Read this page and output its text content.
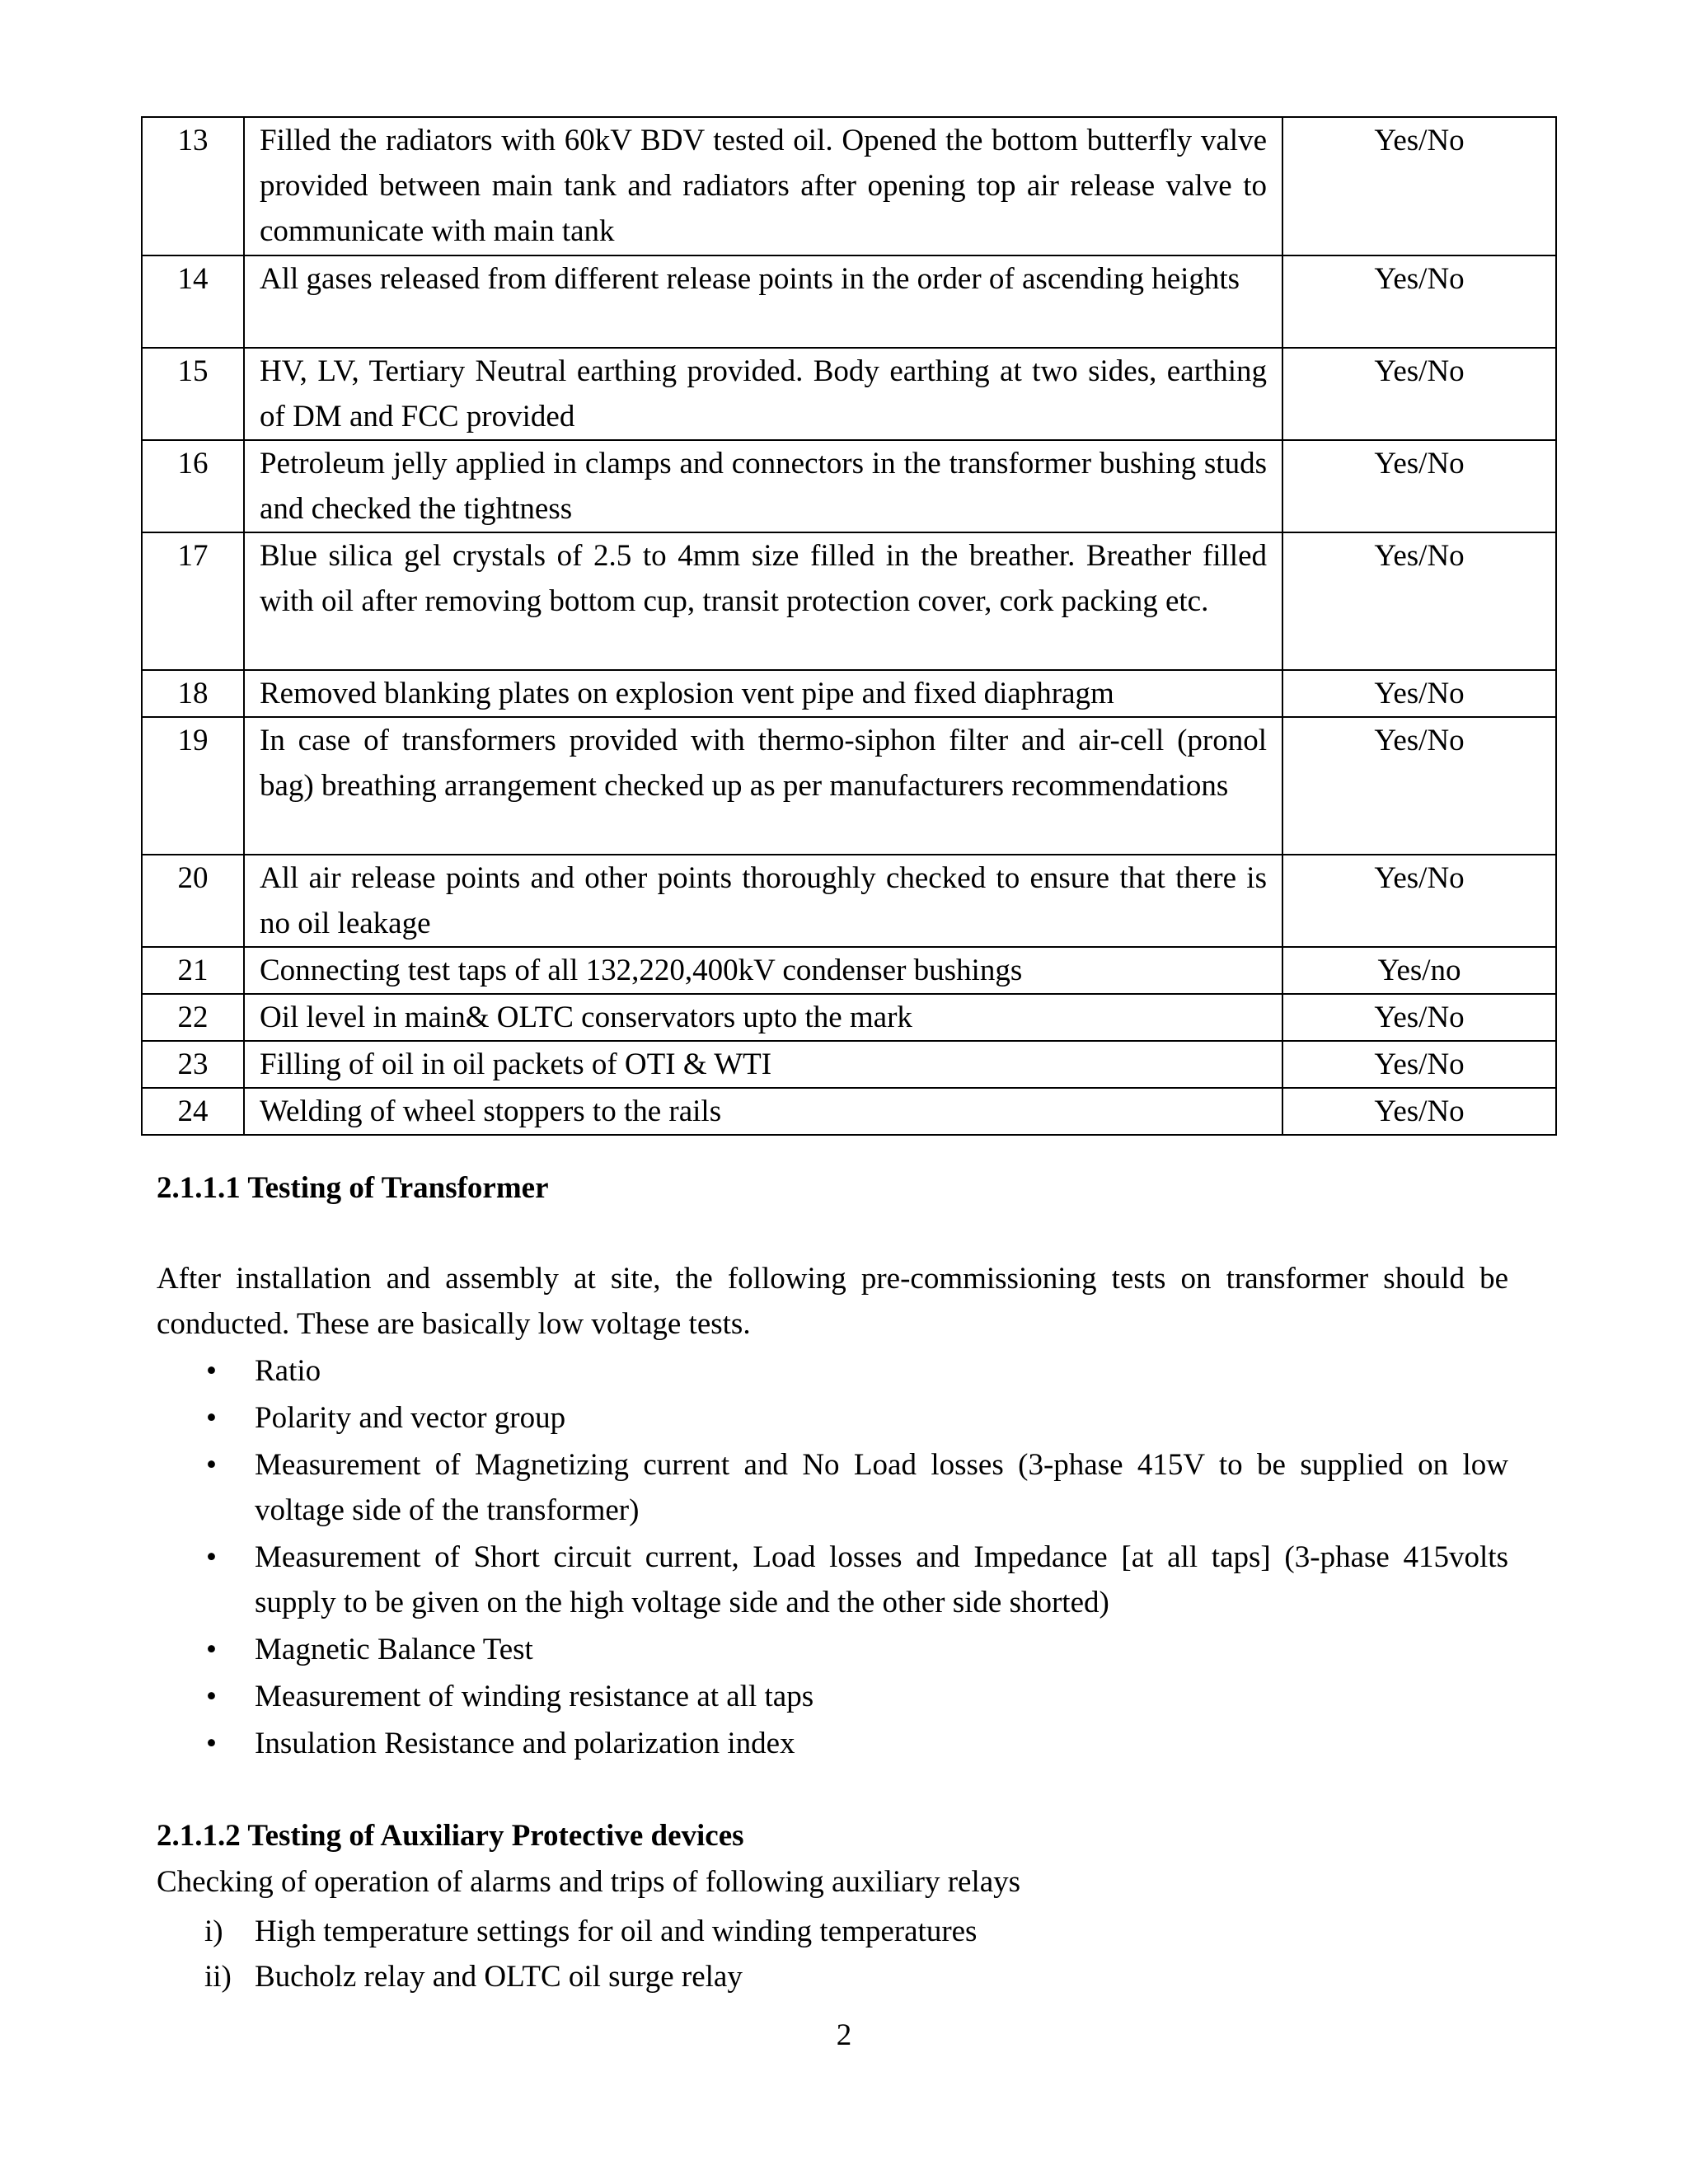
13	Filled the radiators with 60kV BDV tested oil. Opened the bottom butterfly valve provided between main tank and radiators after opening top air release valve to communicate with main tank	Yes/No
14	All gases released from different release points in the order of ascending heights	Yes/No
15	HV, LV, Tertiary Neutral earthing provided. Body earthing at two sides, earthing of DM and FCC provided	Yes/No
16	Petroleum jelly applied in clamps and connectors in the transformer bushing studs and checked the tightness	Yes/No
17	Blue silica gel crystals of 2.5 to 4mm size filled in the breather. Breather filled with oil after removing bottom cup, transit protection cover, cork packing etc.	Yes/No
18	Removed blanking plates on explosion vent pipe and fixed diaphragm	Yes/No
19	In case of transformers provided with thermo-siphon filter and air-cell (pronol bag) breathing arrangement checked up as per manufacturers recommendations	Yes/No
20	All air release points and other points thoroughly checked to ensure that there is no oil leakage	Yes/No
21	Connecting test taps of all 132,220,400kV condenser bushings	Yes/no
22	Oil level in main& OLTC conservators upto the mark	Yes/No
23	Filling of oil in oil packets of OTI & WTI	Yes/No
24	Welding of wheel stoppers to the rails	Yes/No
2.1.1.1 Testing of Transformer

After installation and assembly at site, the following pre-commissioning tests on transformer should be conducted. These are basically low voltage tests.

• Ratio
• Polarity and vector group
• Measurement of Magnetizing current and No Load losses (3-phase 415V to be supplied on low voltage side of the transformer)
• Measurement of Short circuit current, Load losses and Impedance [at all taps] (3-phase 415volts supply to be given on the high voltage side and the other side shorted)
• Magnetic Balance Test
• Measurement of winding resistance at all taps
• Insulation Resistance and polarization index
2.1.1.2 Testing of Auxiliary Protective devices

Checking of operation of alarms and trips of following auxiliary relays

i) High temperature settings for oil and winding temperatures
ii) Bucholz relay and OLTC oil surge relay
2
